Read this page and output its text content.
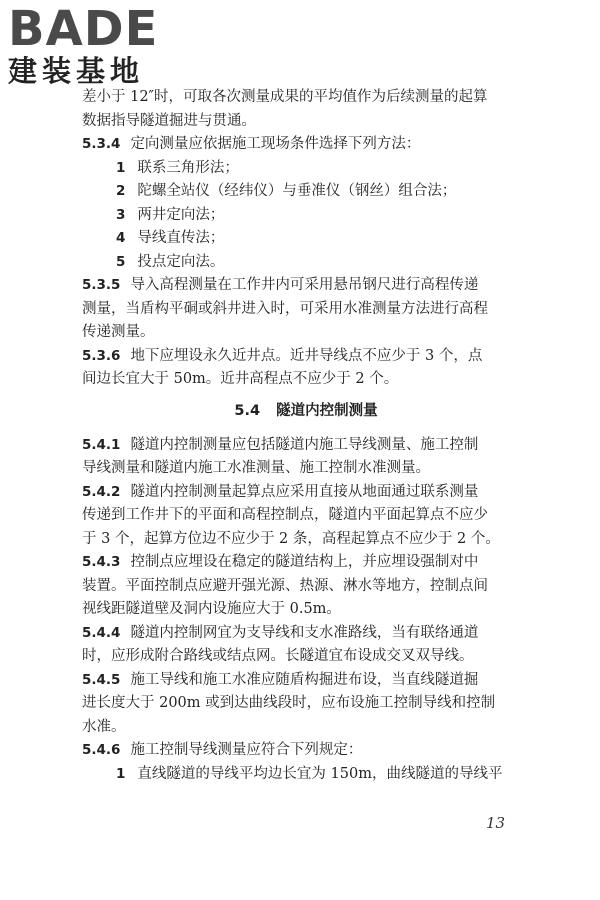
BADE
建装基地
差小于 12″时，可取各次测量成果的平均值作为后续测量的起算
数据指导隧道掘进与贯通。
5.3.4 定向测量应依据施工现场条件选择下列方法：
1 联系三角形法；
2 陀螺全站仪（经纬仪）与垂准仪（钢丝）组合法；
3 两井定向法；
4 导线直传法；
5 投点定向法。
5.3.5 导入高程测量在工作井内可采用悬吊钢尺进行高程传递
测量，当盾构平硐或斜井进入时，可采用水准测量方法进行高程
传递测量。
5.3.6 地下应埋设永久近井点。近井导线点不应少于 3 个，点
间边长宜大于 50m。近井高程点不应少于 2 个。
5.4 隧道内控制测量
5.4.1 隧道内控制测量应包括隧道内施工导线测量、施工控制
导线测量和隧道内施工水准测量、施工控制水准测量。
5.4.2 隧道内控制测量起算点应采用直接从地面通过联系测量
传递到工作井下的平面和高程控制点，隧道内平面起算点不应少
于 3 个，起算方位边不应少于 2 条，高程起算点不应少于 2 个。
5.4.3 控制点应埋设在稳定的隧道结构上，并应埋设强制对中
装置。平面控制点应避开强光源、热源、淋水等地方，控制点间
视线距隧道壁及洞内设施应大于 0.5m。
5.4.4 隧道内控制网宜为支导线和支水准路线，当有联络通道
时，应形成附合路线或结点网。长隧道宜布设成交叉双导线。
5.4.5 施工导线和施工水准应随盾构掘进布设，当直线隧道掘
进长度大于 200m 或到达曲线段时，应布设施工控制导线和控制
水准。
5.4.6 施工控制导线测量应符合下列规定：
1 直线隧道的导线平均边长宜为 150m，曲线隧道的导线平
13
